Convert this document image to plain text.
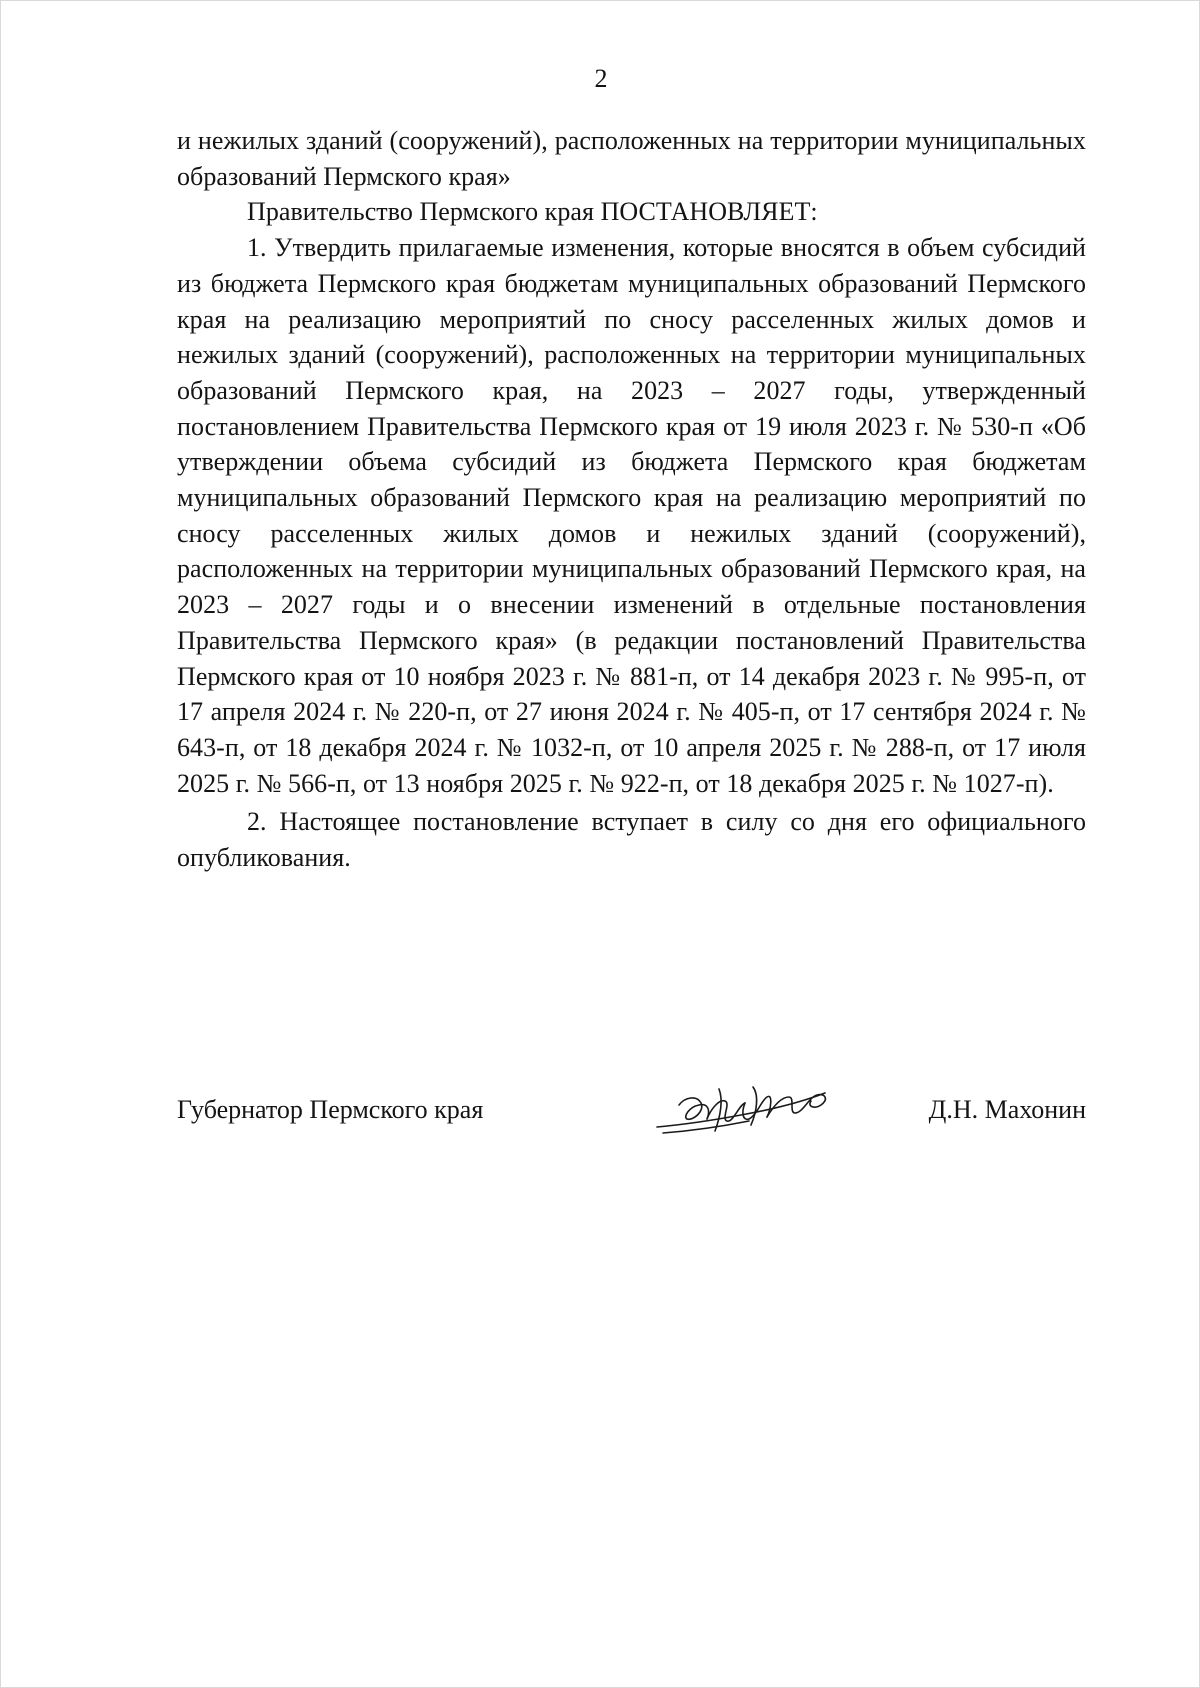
2

и нежилых зданий (сооружений), расположенных на территории муниципальных образований Пермского края»

Правительство Пермского края ПОСТАНОВЛЯЕТ:

1. Утвердить прилагаемые изменения, которые вносятся в объем субсидий из бюджета Пермского края бюджетам муниципальных образований Пермского края на реализацию мероприятий по сносу расселенных жилых домов и нежилых зданий (сооружений), расположенных на территории муниципальных образований Пермского края, на 2023 – 2027 годы, утвержденный постановлением Правительства Пермского края от 19 июля 2023 г. № 530-п «Об утверждении объема субсидий из бюджета Пермского края бюджетам муниципальных образований Пермского края на реализацию мероприятий по сносу расселенных жилых домов и нежилых зданий (сооружений), расположенных на территории муниципальных образований Пермского края, на 2023 – 2027 годы и о внесении изменений в отдельные постановления Правительства Пермского края» (в редакции постановлений Правительства Пермского края от 10 ноября 2023 г. № 881-п, от 14 декабря 2023 г. № 995-п, от 17 апреля 2024 г. № 220-п, от 27 июня 2024 г. № 405-п, от 17 сентября 2024 г. № 643-п, от 18 декабря 2024 г. № 1032-п, от 10 апреля 2025 г. № 288-п, от 17 июля 2025 г. № 566-п, от 13 ноября 2025 г. № 922-п, от 18 декабря 2025 г. № 1027-п).

2. Настоящее постановление вступает в силу со дня его официального опубликования.

Губернатор Пермского края	Д.Н. Махонин
